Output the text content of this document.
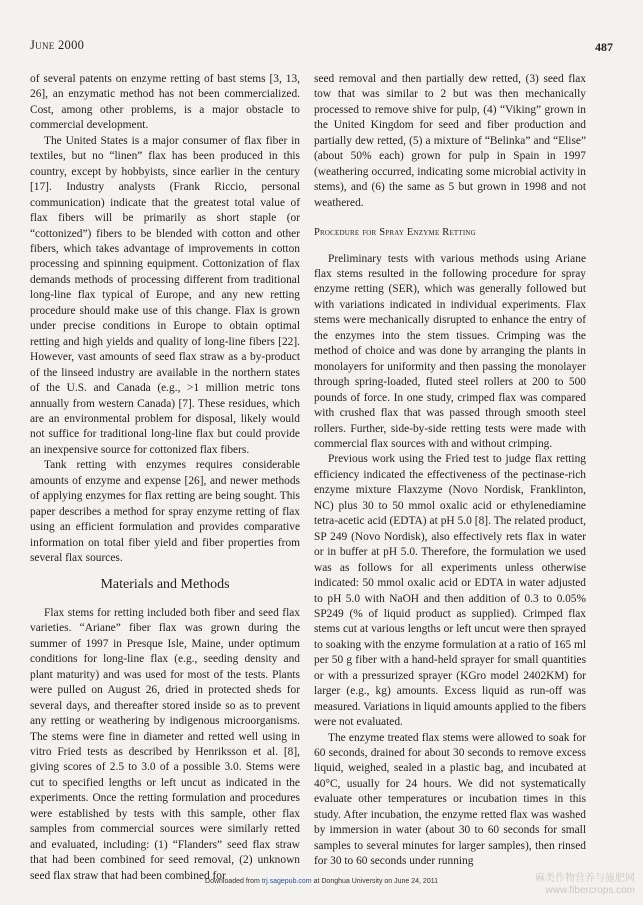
June 2000	487

of several patents on enzyme retting of bast stems [3, 13, 26], an enzymatic method has not been commercialized. Cost, among other problems, is a major obstacle to commercial development.

The United States is a major consumer of flax fiber in textiles, but no “linen” flax has been produced in this country, except by hobbyists, since earlier in the century [17]. Industry analysts (Frank Riccio, personal communication) indicate that the greatest total value of flax fibers will be primarily as short staple (or “cottonized”) fibers to be blended with cotton and other fibers, which takes advantage of improvements in cotton processing and spinning equipment. Cottonization of flax demands methods of processing different from traditional long-line flax typical of Europe, and any new retting procedure should make use of this change. Flax is grown under precise conditions in Europe to obtain optimal retting and high yields and quality of long-line fibers [22]. However, vast amounts of seed flax straw as a by-product of the linseed industry are available in the northern states of the U.S. and Canada (e.g., >1 million metric tons annually from western Canada) [7]. These residues, which are an environmental problem for disposal, likely would not suffice for traditional long-line flax but could provide an inexpensive source for cottonized flax fibers.

Tank retting with enzymes requires considerable amounts of enzyme and expense [26], and newer methods of applying enzymes for flax retting are being sought. This paper describes a method for spray enzyme retting of flax using an efficient formulation and provides comparative information on total fiber yield and fiber properties from several flax sources.

Materials and Methods

Flax stems for retting included both fiber and seed flax varieties. “Ariane” fiber flax was grown during the summer of 1997 in Presque Isle, Maine, under optimum conditions for long-line flax (e.g., seeding density and plant maturity) and was used for most of the tests. Plants were pulled on August 26, dried in protected sheds for several days, and thereafter stored inside so as to prevent any retting or weathering by indigenous microorganisms. The stems were fine in diameter and retted well using in vitro Fried tests as described by Henriksson et al. [8], giving scores of 2.5 to 3.0 of a possible 3.0. Stems were cut to specified lengths or left uncut as indicated in the experiments. Once the retting formulation and procedures were established by tests with this sample, other flax samples from commercial sources were similarly retted and evaluated, including: (1) “Flanders” seed flax straw that had been combined for seed removal, (2) unknown seed flax straw that had been combined for

seed removal and then partially dew retted, (3) seed flax tow that was similar to 2 but was then mechanically processed to remove shive for pulp, (4) “Viking” grown in the United Kingdom for seed and fiber production and partially dew retted, (5) a mixture of “Belinka” and “Elise” (about 50% each) grown for pulp in Spain in 1997 (weathering occurred, indicating some microbial activity in stems), and (6) the same as 5 but grown in 1998 and not weathered.

Procedure for Spray Enzyme Retting

Preliminary tests with various methods using Ariane flax stems resulted in the following procedure for spray enzyme retting (SER), which was generally followed but with variations indicated in individual experiments. Flax stems were mechanically disrupted to enhance the entry of the enzymes into the stem tissues. Crimping was the method of choice and was done by arranging the plants in monolayers for uniformity and then passing the monolayer through spring-loaded, fluted steel rollers at 200 to 500 pounds of force. In one study, crimped flax was compared with crushed flax that was passed through smooth steel rollers. Further, side-by-side retting tests were made with commercial flax sources with and without crimping.

Previous work using the Fried test to judge flax retting efficiency indicated the effectiveness of the pectinase-rich enzyme mixture Flaxzyme (Novo Nordisk, Franklinton, NC) plus 30 to 50 mmol oxalic acid or ethylenediamine tetra-acetic acid (EDTA) at pH 5.0 [8]. The related product, SP 249 (Novo Nordisk), also effectively rets flax in water or in buffer at pH 5.0. Therefore, the formulation we used was as follows for all experiments unless otherwise indicated: 50 mmol oxalic acid or EDTA in water adjusted to pH 5.0 with NaOH and then addition of 0.3 to 0.05% SP249 (% of liquid product as supplied). Crimped flax stems cut at various lengths or left uncut were then sprayed to soaking with the enzyme formulation at a ratio of 165 ml per 50 g fiber with a hand-held sprayer for small quantities or with a pressurized sprayer (KGro model 2402KM) for larger (e.g., kg) amounts. Excess liquid as run-off was measured. Variations in liquid amounts applied to the fibers were not evaluated.

The enzyme treated flax stems were allowed to soak for 60 seconds, drained for about 30 seconds to remove excess liquid, weighed, sealed in a plastic bag, and incubated at 40°C, usually for 24 hours. We did not systematically evaluate other temperatures or incubation times in this study. After incubation, the enzyme retted flax was washed by immersion in water (about 30 to 60 seconds for small samples to several minutes for larger samples), then rinsed for 30 to 60 seconds under running

Downloaded from trj.sagepub.com at Donghua University on June 24, 2011	麻类作物营养与施肥网
www.fibercrops.com
